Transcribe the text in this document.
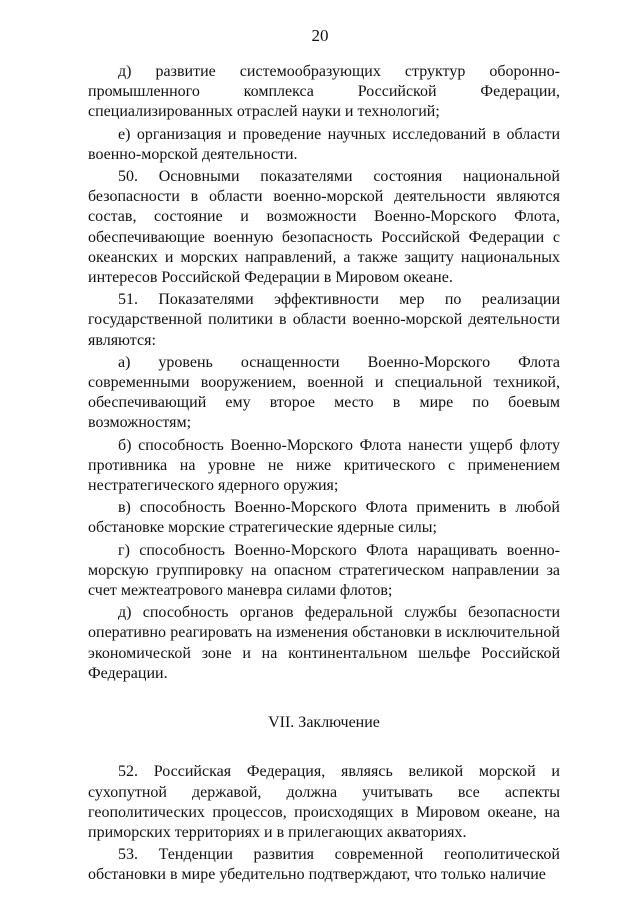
20

д) развитие системообразующих структур оборонно-промышленного комплекса Российской Федерации, специализированных отраслей науки и технологий;

е) организация и проведение научных исследований в области военно-морской деятельности.

50. Основными показателями состояния национальной безопасности в области военно-морской деятельности являются состав, состояние и возможности Военно-Морского Флота, обеспечивающие военную безопасность Российской Федерации с океанских и морских направлений, а также защиту национальных интересов Российской Федерации в Мировом океане.

51. Показателями эффективности мер по реализации государственной политики в области военно-морской деятельности являются:

а) уровень оснащенности Военно-Морского Флота современными вооружением, военной и специальной техникой, обеспечивающий ему второе место в мире по боевым возможностям;

б) способность Военно-Морского Флота нанести ущерб флоту противника на уровне не ниже критического с применением нестратегического ядерного оружия;

в) способность Военно-Морского Флота применить в любой обстановке морские стратегические ядерные силы;

г) способность Военно-Морского Флота наращивать военно-морскую группировку на опасном стратегическом направлении за счет межтеатрового маневра силами флотов;

д) способность органов федеральной службы безопасности оперативно реагировать на изменения обстановки в исключительной экономической зоне и на континентальном шельфе Российской Федерации.

VII. Заключение

52. Российская Федерация, являясь великой морской и сухопутной державой, должна учитывать все аспекты геополитических процессов, происходящих в Мировом океане, на приморских территориях и в прилегающих акваториях.

53. Тенденции развития современной геополитической обстановки в мире убедительно подтверждают, что только наличие
